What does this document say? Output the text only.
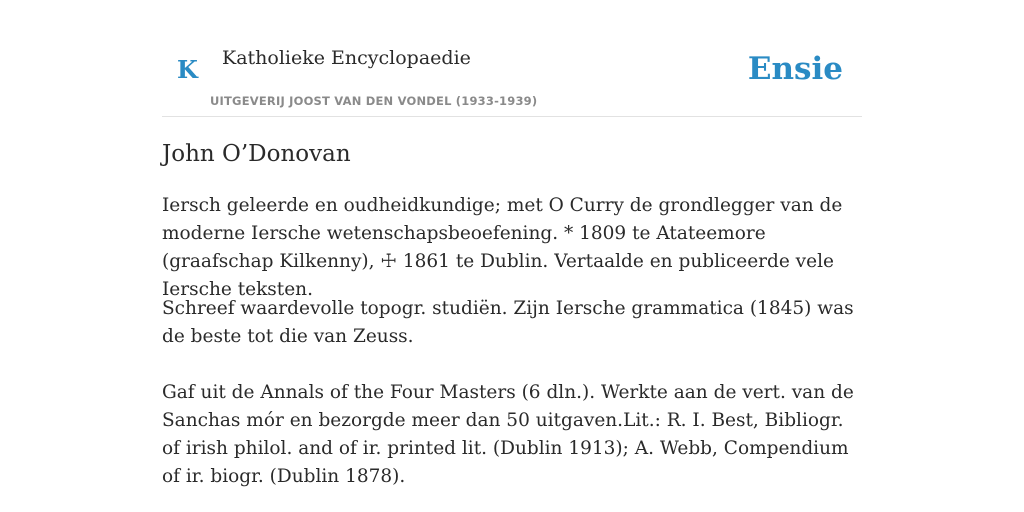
K Katholieke Encyclopaedie
UITGEVERIJ JOOST VAN DEN VONDEL (1933-1939)
Ensie
John O’Donovan

Iersch geleerde en oudheidkundige; met O Curry de grondlegger van de moderne Iersche wetenschapsbeoefening. * 1809 te Atateemore (graafschap Kilkenny), ☩ 1861 te Dublin. Vertaalde en publiceerde vele Iersche teksten.

Schreef waardevolle topogr. studiën. Zijn Iersche grammatica (1845) was de beste tot die van Zeuss.

Gaf uit de Annals of the Four Masters (6 dln.). Werkte aan de vert. van de Sanchas mór en bezorgde meer dan 50 uitgaven.Lit.: R. I. Best, Bibliogr. of irish philol. and of ir. printed lit. (Dublin 1913); A. Webb, Compendium of ir. biogr. (Dublin 1878).
